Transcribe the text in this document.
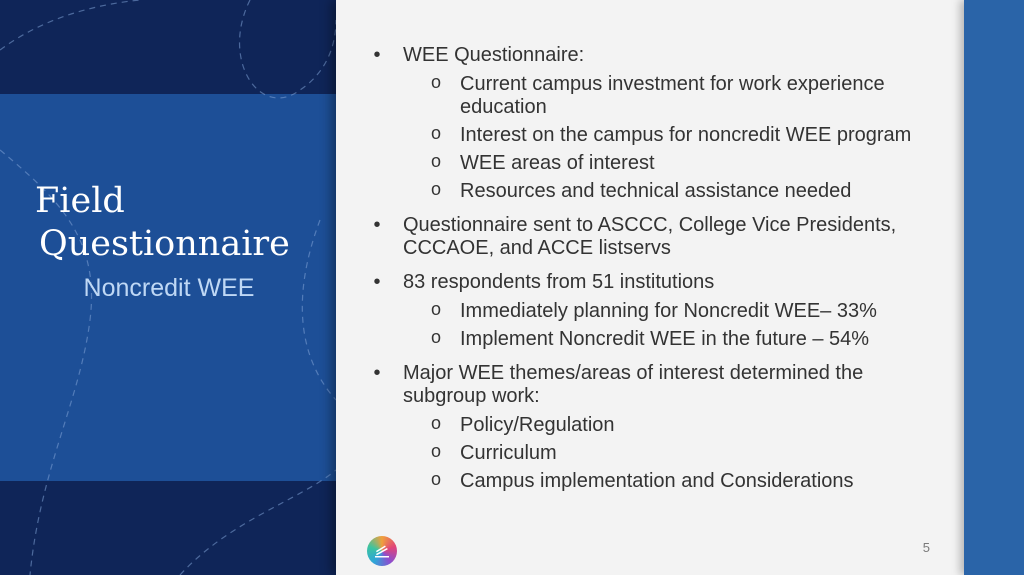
Field
Questionnaire
Noncredit WEE
• WEE Questionnaire:
o Current campus investment for work experience education
o Interest on the campus for noncredit WEE program
o WEE areas of interest
o Resources and technical assistance needed
• Questionnaire sent to ASCCC, College Vice Presidents, CCCAOE, and ACCE listservs
• 83 respondents from 51 institutions
o Immediately planning for Noncredit WEE– 33%
o Implement Noncredit WEE in the future – 54%
• Major WEE themes/areas of interest determined the subgroup work:
o Policy/Regulation
o Curriculum
o Campus implementation and Considerations
5
